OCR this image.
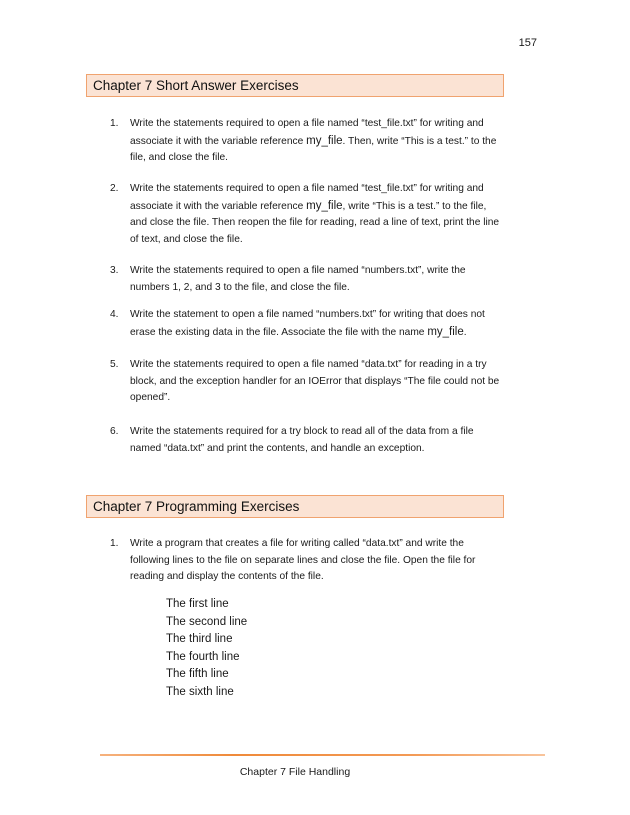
157
Chapter 7 Short Answer Exercises
1. Write the statements required to open a file named “test_file.txt” for writing and associate it with the variable reference my_file. Then, write “This is a test.” to the file, and close the file.
2. Write the statements required to open a file named “test_file.txt” for writing and associate it with the variable reference my_file, write “This is a test.” to the file, and close the file. Then reopen the file for reading, read a line of text, print the line of text, and close the file.
3. Write the statements required to open a file named “numbers.txt”, write the numbers 1, 2, and 3 to the file, and close the file.
4. Write the statement to open a file named “numbers.txt” for writing that does not erase the existing data in the file. Associate the file with the name my_file.
5. Write the statements required to open a file named “data.txt” for reading in a try block, and the exception handler for an IOError that displays “The file could not be opened”.
6. Write the statements required for a try block to read all of the data from a file named “data.txt” and print the contents, and handle an exception.
Chapter 7 Programming Exercises
1. Write a program that creates a file for writing called “data.txt” and write the following lines to the file on separate lines and close the file. Open the file for reading and display the contents of the file.
The first line
The second line
The third line
The fourth line
The fifth line
The sixth line
Chapter 7 File Handling
